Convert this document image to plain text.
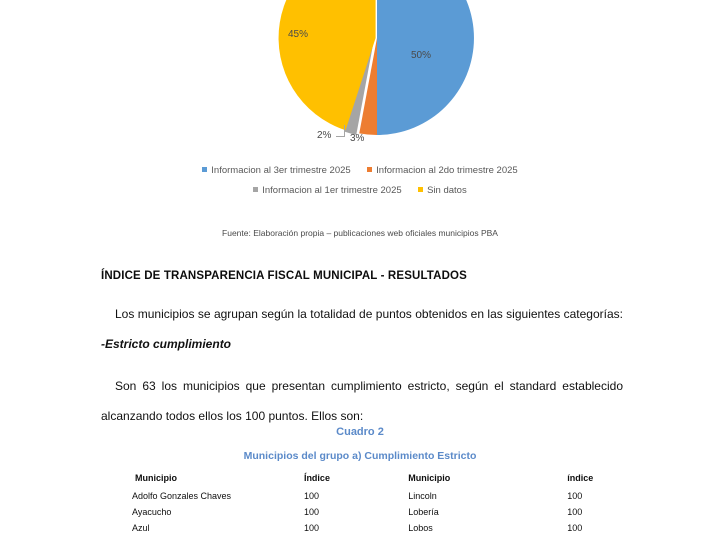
50%
45%
2% 3%
Informacion al 3er trimestre 2025	Informacion al 2do trimestre 2025
Informacion al 1er trimestre 2025	Sin datos
Fuente: Elaboración propia – publicaciones web oficiales municipios PBA
ÍNDICE DE TRANSPARENCIA FISCAL MUNICIPAL - RESULTADOS

Los municipios se agrupan según la totalidad de puntos obtenidos en las siguientes categorías: -Estricto cumplimiento

Son 63 los municipios que presentan cumplimiento estricto, según el standard establecido alcanzando todos ellos los 100 puntos. Ellos son:

Cuadro 2
Municipios del grupo a) Cumplimiento Estricto
Municipio	Índice	Municipio	índice
Adolfo Gonzales Chaves	100	Lincoln	100
Ayacucho	100	Lobería	100
Azul	100	Lobos	100
